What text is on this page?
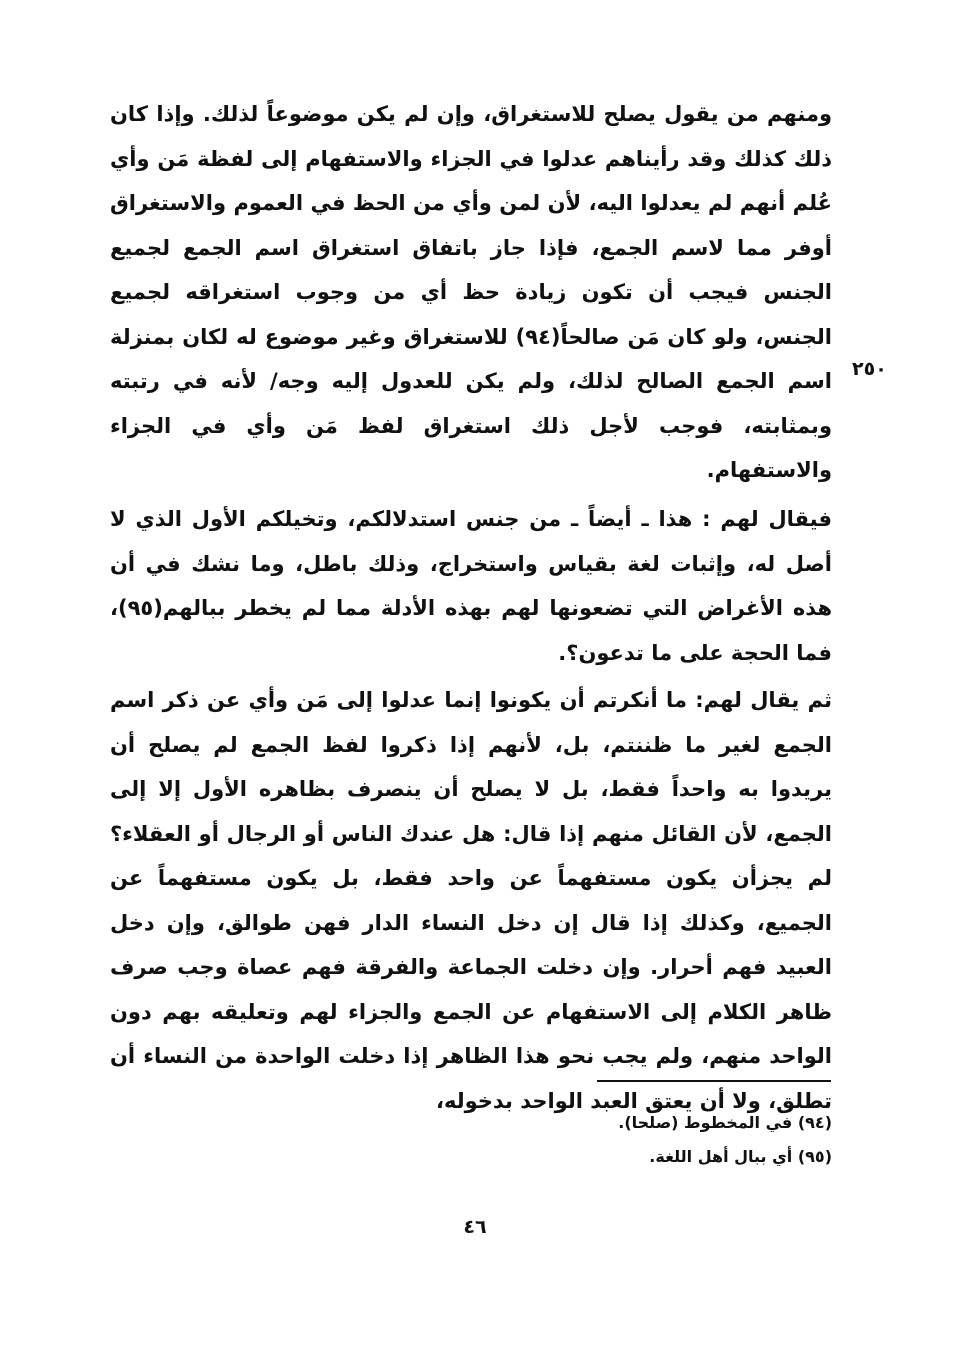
٢٥٠

ومنهم من يقول يصلح للاستغراق، وإن لم يكن موضوعاً لذلك. وإذا كان ذلك كذلك وقد رأيناهم عدلوا في الجزاء والاستفهام إلى لفظة مَن وأي عُلم أنهم لم يعدلوا اليه، لأن لمن وأي من الحظ في العموم والاستغراق أوفر مما لاسم الجمع، فإذا جاز باتفاق استغراق اسم الجمع لجميع الجنس فيجب أن تكون زيادة حظ أي من وجوب استغراقه لجميع الجنس، ولو كان مَن صالحاً(٩٤) للاستغراق وغير موضوع له لكان بمنزلة اسم الجمع الصالح لذلك، ولم يكن للعدول إليه وجه/ لأنه في رتبته وبمثابته، فوجب لأجل ذلك استغراق لفظ مَن وأي في الجزاء والاستفهام.

فيقال لهم : هذا ـ أيضاً ـ من جنس استدلالكم، وتخيلكم الأول الذي لا أصل له، وإثبات لغة بقياس واستخراج، وذلك باطل، وما نشك في أن هذه الأغراض التي تضعونها لهم بهذه الأدلة مما لم يخطر ببالهم(٩٥)، فما الحجة على ما تدعون؟.

ثم يقال لهم: ما أنكرتم أن يكونوا إنما عدلوا إلى مَن وأي عن ذكر اسم الجمع لغير ما ظننتم، بل، لأنهم إذا ذكروا لفظ الجمع لم يصلح أن يريدوا به واحداً فقط، بل لا يصلح أن ينصرف بظاهره الأول إلا إلى الجمع، لأن القائل منهم إذا قال: هل عندك الناس أو الرجال أو العقلاء؟ لم يجزأن يكون مستفهماً عن واحد فقط، بل يكون مستفهماً عن الجميع، وكذلك إذا قال إن دخل النساء الدار فهن طوالق، وإن دخل العبيد فهم أحرار. وإن دخلت الجماعة والفرقة فهم عصاة وجب صرف ظاهر الكلام إلى الاستفهام عن الجمع والجزاء لهم وتعليقه بهم دون الواحد منهم، ولم يجب نحو هذا الظاهر إذا دخلت الواحدة من النساء أن تطلق، ولا أن يعتق العبد الواحد بدخوله،

(٩٤) في المخطوط (صلحا).

(٩٥) أي ببال أهل اللغة.

٤٦
